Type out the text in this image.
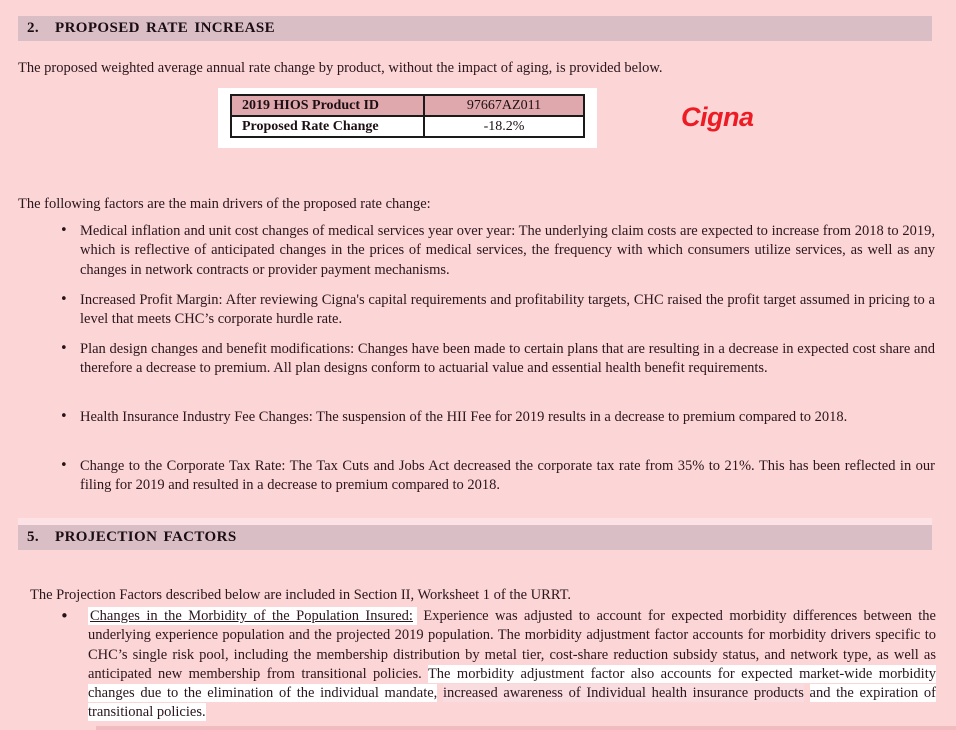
2.	PROPOSED RATE INCREASE

The proposed weighted average annual rate change by product, without the impact of aging, is provided below.

2019 HIOS Product ID	97667AZ011
Proposed Rate Change	-18.2%	Cigna

The following factors are the main drivers of the proposed rate change:

• Medical inflation and unit cost changes of medical services year over year: The underlying claim costs are expected to increase from 2018 to 2019, which is reflective of anticipated changes in the prices of medical services, the frequency with which consumers utilize services, as well as any changes in network contracts or provider payment mechanisms.
• Increased Profit Margin: After reviewing Cigna's capital requirements and profitability targets, CHC raised the profit target assumed in pricing to a level that meets CHC’s corporate hurdle rate.
• Plan design changes and benefit modifications: Changes have been made to certain plans that are resulting in a decrease in expected cost share and therefore a decrease to premium. All plan designs conform to actuarial value and essential health benefit requirements.
• Health Insurance Industry Fee Changes: The suspension of the HII Fee for 2019 results in a decrease to premium compared to 2018.
• Change to the Corporate Tax Rate: The Tax Cuts and Jobs Act decreased the corporate tax rate from 35% to 21%. This has been reflected in our filing for 2019 and resulted in a decrease to premium compared to 2018.
5.	PROJECTION FACTORS

The Projection Factors described below are included in Section II, Worksheet 1 of the URRT.

• Changes in the Morbidity of the Population Insured: Experience was adjusted to account for expected morbidity differences between the underlying experience population and the projected 2019 population. The morbidity adjustment factor accounts for morbidity drivers specific to CHC’s single risk pool, including the membership distribution by metal tier, cost-share reduction subsidy status, and network type, as well as anticipated new membership from transitional policies. The morbidity adjustment factor also accounts for expected market-wide morbidity changes due to the elimination of the individual mandate, increased awareness of Individual health insurance products and the expiration of transitional policies.
